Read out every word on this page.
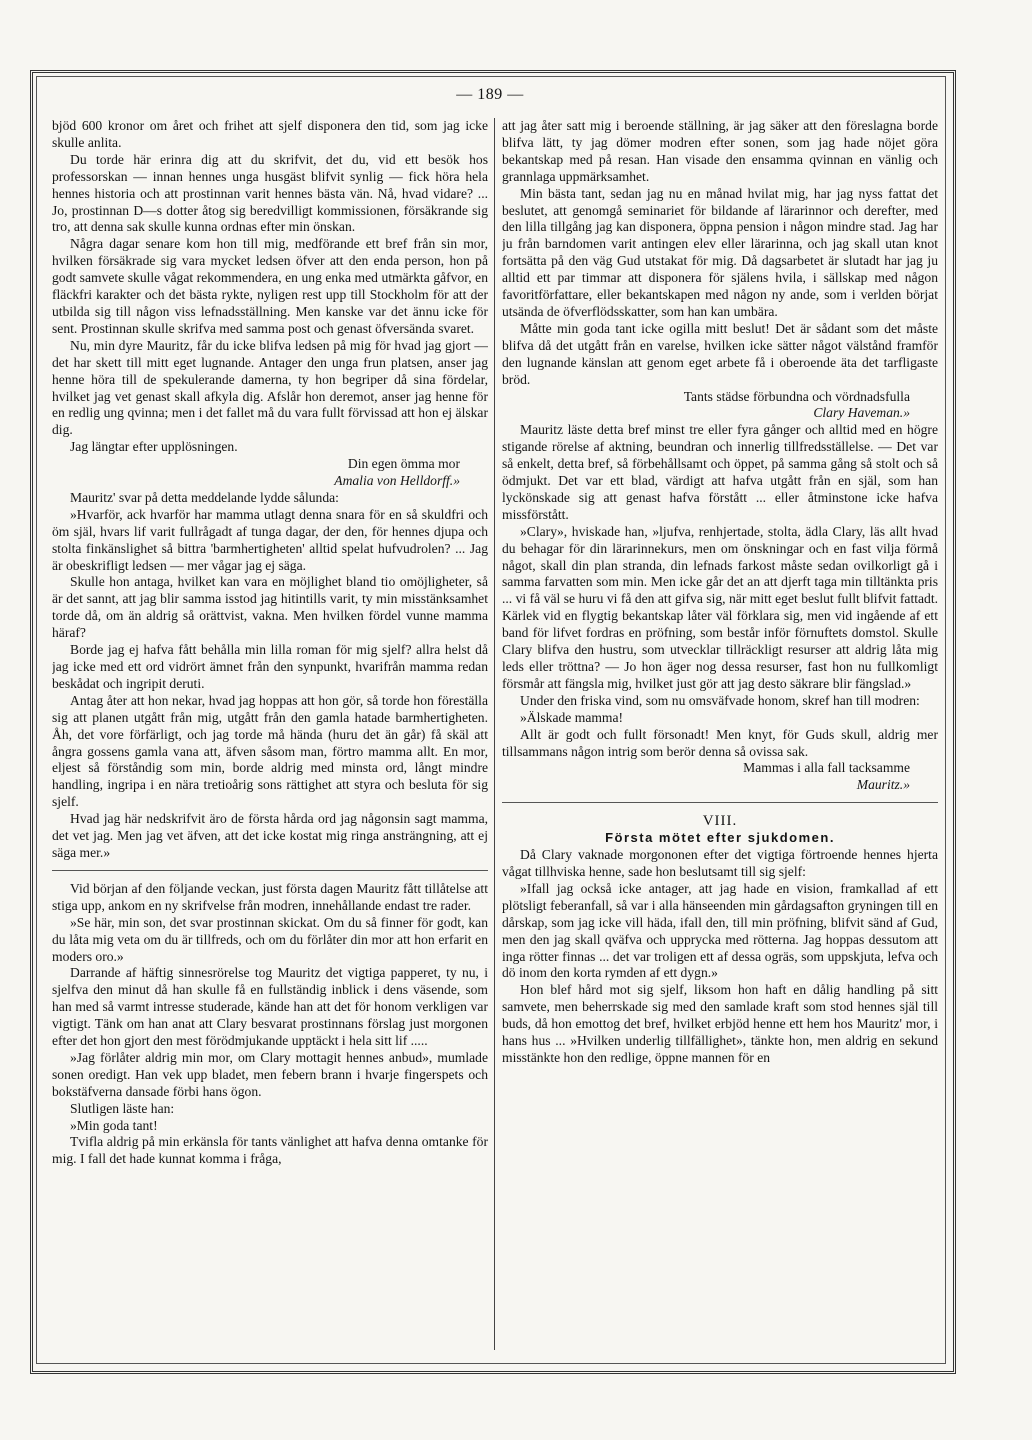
— 189 —

bjöd 600 kronor om året och frihet att sjelf disponera den tid, som jag icke skulle anlita.

Du torde här erinra dig att du skrifvit, det du, vid ett besök hos professorskan — innan hennes unga husgäst blifvit synlig — fick höra hela hennes historia och att prostinnan varit hennes bästa vän. Nå, hvad vidare? ... Jo, prostinnan D—s dotter åtog sig beredvilligt kommissionen, försäkrande sig tro, att denna sak skulle kunna ordnas efter min önskan.

Några dagar senare kom hon till mig, medförande ett bref från sin mor, hvilken försäkrade sig vara mycket ledsen öfver att den enda person, hon på godt samvete skulle vågat rekommendera, en ung enka med utmärkta gåfvor, en fläckfri karakter och det bästa rykte, nyligen rest upp till Stockholm för att der utbilda sig till någon viss lefnadsställning. Men kanske var det ännu icke för sent. Prostinnan skulle skrifva med samma post och genast öfversända svaret.

Nu, min dyre Mauritz, får du icke blifva ledsen på mig för hvad jag gjort — det har skett till mitt eget lugnande. Antager den unga frun platsen, anser jag henne höra till de spekulerande damerna, ty hon begriper då sina fördelar, hvilket jag vet genast skall afkyla dig. Afslår hon deremot, anser jag henne för en redlig ung qvinna; men i det fallet må du vara fullt förvissad att hon ej älskar dig.

Jag längtar efter upplösningen.

Din egen ömma mor

Amalia von Helldorff.»

Mauritz' svar på detta meddelande lydde sålunda:

»Hvarför, ack hvarför har mamma utlagt denna snara för en så skuldfri och öm själ, hvars lif varit fullrågadt af tunga dagar, der den, för hennes djupa och stolta finkänslighet så bittra 'barmhertigheten' alltid spelat hufvudrolen? ... Jag är obeskrifligt ledsen — mer vågar jag ej säga.

Skulle hon antaga, hvilket kan vara en möjlighet bland tio omöjligheter, så är det sannt, att jag blir samma isstod jag hitintills varit, ty min misstänksamhet torde då, om än aldrig så orättvist, vakna. Men hvilken fördel vunne mamma häraf?

Borde jag ej hafva fått behålla min lilla roman för mig sjelf? allra helst då jag icke med ett ord vidrört ämnet från den synpunkt, hvarifrån mamma redan beskådat och ingripit deruti.

Antag åter att hon nekar, hvad jag hoppas att hon gör, så torde hon föreställa sig att planen utgått från mig, utgått från den gamla hatade barmhertigheten. Åh, det vore förfärligt, och jag torde må hända (huru det än går) få skäl att ångra gossens gamla vana att, äfven såsom man, förtro mamma allt. En mor, eljest så förståndig som min, borde aldrig med minsta ord, långt mindre handling, ingripa i en nära tretioårig sons rättighet att styra och besluta för sig sjelf.

Hvad jag här nedskrifvit äro de första hårda ord jag någonsin sagt mamma, det vet jag. Men jag vet äfven, att det icke kostat mig ringa ansträngning, att ej säga mer.»

Vid början af den följande veckan, just första dagen Mauritz fått tillåtelse att stiga upp, ankom en ny skrifvelse från modren, innehållande endast tre rader.

»Se här, min son, det svar prostinnan skickat. Om du så finner för godt, kan du låta mig veta om du är tillfreds, och om du förlåter din mor att hon erfarit en moders oro.»

Darrande af häftig sinnesrörelse tog Mauritz det vigtiga papperet, ty nu, i sjelfva den minut då han skulle få en fullständig inblick i dens väsende, som han med så varmt intresse studerade, kände han att det för honom verkligen var vigtigt. Tänk om han anat att Clary besvarat prostinnans förslag just morgonen efter det hon gjort den mest förödmjukande upptäckt i hela sitt lif .....

»Jag förlåter aldrig min mor, om Clary mottagit hennes anbud», mumlade sonen oredigt. Han vek upp bladet, men febern brann i hvarje fingerspets och bokstäfverna dansade förbi hans ögon.

Slutligen läste han:

»Min goda tant!

Tvifla aldrig på min erkänsla för tants vänlighet att hafva denna omtanke för mig. I fall det hade kunnat komma i fråga,

att jag åter satt mig i beroende ställning, är jag säker att den föreslagna borde blifva lätt, ty jag dömer modren efter sonen, som jag hade nöjet göra bekantskap med på resan. Han visade den ensamma qvinnan en vänlig och grannlaga uppmärksamhet.

Min bästa tant, sedan jag nu en månad hvilat mig, har jag nyss fattat det beslutet, att genomgå seminariet för bildande af lärarinnor och derefter, med den lilla tillgång jag kan disponera, öppna pension i någon mindre stad. Jag har ju från barndomen varit antingen elev eller lärarinna, och jag skall utan knot fortsätta på den väg Gud utstakat för mig. Då dagsarbetet är slutadt har jag ju alltid ett par timmar att disponera för själens hvila, i sällskap med någon favoritförfattare, eller bekantskapen med någon ny ande, som i verlden börjat utsända de öfverflödsskatter, som han kan umbära.

Måtte min goda tant icke ogilla mitt beslut! Det är sådant som det måste blifva då det utgått från en varelse, hvilken icke sätter något välstånd framför den lugnande känslan att genom eget arbete få i oberoende äta det tarfligaste bröd.

Tants städse förbundna och vördnadsfulla

Clary Haveman.»

Mauritz läste detta bref minst tre eller fyra gånger och alltid med en högre stigande rörelse af aktning, beundran och innerlig tillfredsställelse. — Det var så enkelt, detta bref, så förbehållsamt och öppet, på samma gång så stolt och så ödmjukt. Det var ett blad, värdigt att hafva utgått från en själ, som han lyckönskade sig att genast hafva förstått ... eller åtminstone icke hafva missförstått.

»Clary», hviskade han, »ljufva, renhjertade, stolta, ädla Clary, läs allt hvad du behagar för din lärarinnekurs, men om önskningar och en fast vilja förmå något, skall din plan stranda, din lefnads farkost måste sedan ovilkorligt gå i samma farvatten som min. Men icke går det an att djerft taga min tilltänkta pris ... vi få väl se huru vi få den att gifva sig, när mitt eget beslut fullt blifvit fattadt. Kärlek vid en flygtig bekantskap låter väl förklara sig, men vid ingående af ett band för lifvet fordras en pröfning, som består inför förnuftets domstol. Skulle Clary blifva den hustru, som utvecklar tillräckligt resurser att aldrig låta mig leds eller tröttna? — Jo hon äger nog dessa resurser, fast hon nu fullkomligt försmår att fängsla mig, hvilket just gör att jag desto säkrare blir fängslad.»

Under den friska vind, som nu omsväfvade honom, skref han till modren:

»Älskade mamma!

Allt är godt och fullt försonadt! Men knyt, för Guds skull, aldrig mer tillsammans någon intrig som berör denna så ovissa sak.

Mammas i alla fall tacksamme

Mauritz.»

VIII.

Första mötet efter sjukdomen.

Då Clary vaknade morgononen efter det vigtiga förtroende hennes hjerta vågat tillhviska henne, sade hon beslutsamt till sig sjelf:

»Ifall jag också icke antager, att jag hade en vision, framkallad af ett plötsligt feberanfall, så var i alla hänseenden min gårdagsafton gryningen till en dårskap, som jag icke vill häda, ifall den, till min pröfning, blifvit sänd af Gud, men den jag skall qväfva och upprycka med rötterna. Jag hoppas dessutom att inga rötter finnas ... det var troligen ett af dessa ogräs, som uppskjuta, lefva och dö inom den korta rymden af ett dygn.»

Hon blef hård mot sig sjelf, liksom hon haft en dålig handling på sitt samvete, men beherrskade sig med den samlade kraft som stod hennes själ till buds, då hon emottog det bref, hvilket erbjöd henne ett hem hos Mauritz' mor, i hans hus ... »Hvilken underlig tillfällighet», tänkte hon, men aldrig en sekund misstänkte hon den redlige, öppne mannen för en
